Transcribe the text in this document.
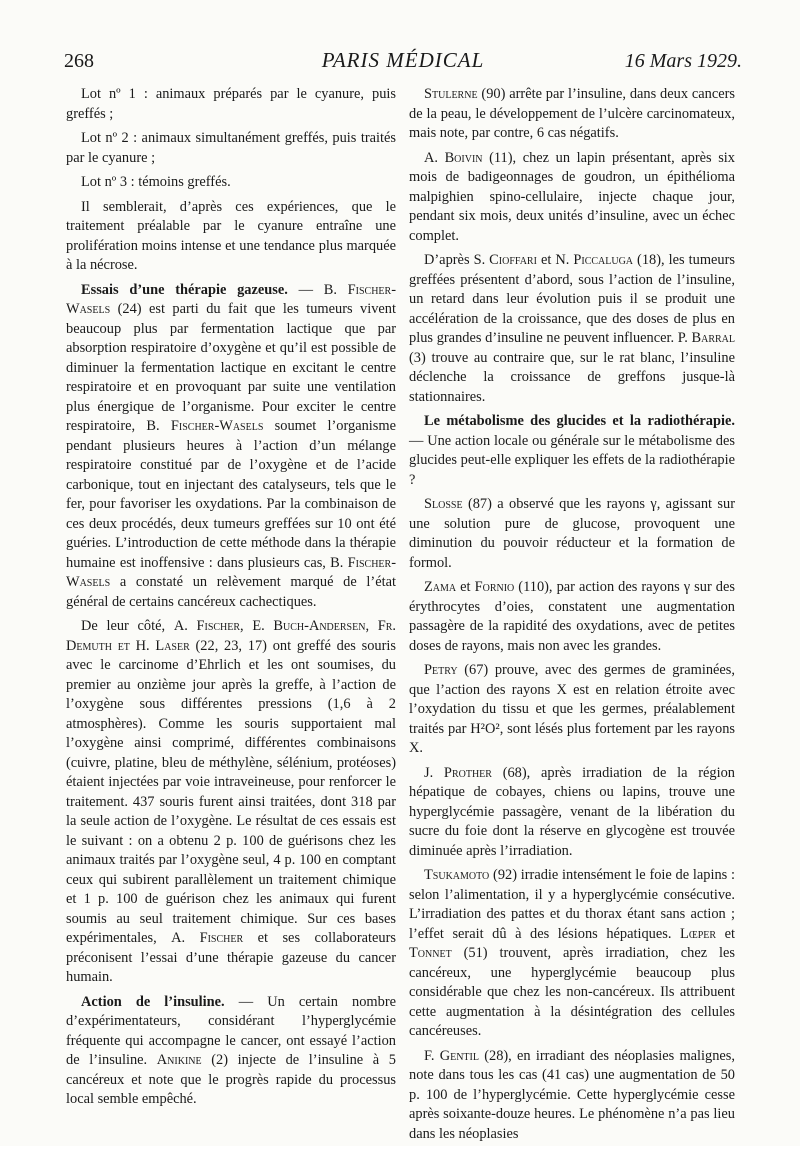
268	PARIS MÉDICAL	16 Mars 1929.

Lot nº 1 : animaux préparés par le cyanure, puis greffés ;

Lot nº 2 : animaux simultanément greffés, puis traités par le cyanure ;

Lot nº 3 : témoins greffés.

Il semblerait, d’après ces expériences, que le traitement préalable par le cyanure entraîne une prolifération moins intense et une tendance plus marquée à la nécrose.

Essais d’une thérapie gazeuse. — B. Fischer-Wasels (24) est parti du fait que les tumeurs vivent beaucoup plus par fermentation lactique que par absorption respiratoire d’oxygène et qu’il est possible de diminuer la fermentation lactique en excitant le centre respiratoire et en provoquant par suite une ventilation plus énergique de l’organisme. Pour exciter le centre respiratoire, B. Fischer-Wasels soumet l’organisme pendant plusieurs heures à l’action d’un mélange respiratoire constitué par de l’oxygène et de l’acide carbonique, tout en injectant des catalyseurs, tels que le fer, pour favoriser les oxydations. Par la combinaison de ces deux procédés, deux tumeurs greffées sur 10 ont été guéries. L’introduction de cette méthode dans la thérapie humaine est inoffensive : dans plusieurs cas, B. Fischer-Wasels a constaté un relèvement marqué de l’état général de certains cancéreux cachectiques.

De leur côté, A. Fischer, E. Buch-Andersen, Fr. Demuth et H. Laser (22, 23, 17) ont greffé des souris avec le carcinome d’Ehrlich et les ont soumises, du premier au onzième jour après la greffe, à l’action de l’oxygène sous différentes pressions (1,6 à 2 atmosphères). Comme les souris supportaient mal l’oxygène ainsi comprimé, différentes combinaisons (cuivre, platine, bleu de méthylène, sélénium, protéoses) étaient injectées par voie intraveineuse, pour renforcer le traitement. 437 souris furent ainsi traitées, dont 318 par la seule action de l’oxygène. Le résultat de ces essais est le suivant : on a obtenu 2 p. 100 de guérisons chez les animaux traités par l’oxygène seul, 4 p. 100 en comptant ceux qui subirent parallèlement un traitement chimique et 1 p. 100 de guérison chez les animaux qui furent soumis au seul traitement chimique. Sur ces bases expérimentales, A. Fischer et ses collaborateurs préconisent l’essai d’une thérapie gazeuse du cancer humain.

Action de l’insuline. — Un certain nombre d’expérimentateurs, considérant l’hyperglycémie fréquente qui accompagne le cancer, ont essayé l’action de l’insuline. Anikine (2) injecte de l’insuline à 5 cancéreux et note que le progrès rapide du processus local semble empêché.

Stulerne (90) arrête par l’insuline, dans deux cancers de la peau, le développement de l’ulcère carcinomateux, mais note, par contre, 6 cas négatifs.

A. Boivin (11), chez un lapin présentant, après six mois de badigeonnages de goudron, un épithélioma malpighien spino-cellulaire, injecte chaque jour, pendant six mois, deux unités d’insuline, avec un échec complet.

D’après S. Cioffari et N. Piccaluga (18), les tumeurs greffées présentent d’abord, sous l’action de l’insuline, un retard dans leur évolution puis il se produit une accélération de la croissance, que des doses de plus en plus grandes d’insuline ne peuvent influencer. P. Barral (3) trouve au contraire que, sur le rat blanc, l’insuline déclenche la croissance de greffons jusque-là stationnaires.

Le métabolisme des glucides et la radiothérapie. — Une action locale ou générale sur le métabolisme des glucides peut-elle expliquer les effets de la radiothérapie ?

Slosse (87) a observé que les rayons γ, agissant sur une solution pure de glucose, provoquent une diminution du pouvoir réducteur et la formation de formol.

Zama et Fornio (110), par action des rayons γ sur des érythrocytes d’oies, constatent une augmentation passagère de la rapidité des oxydations, avec de petites doses de rayons, mais non avec les grandes.

Petry (67) prouve, avec des germes de graminées, que l’action des rayons X est en relation étroite avec l’oxydation du tissu et que les germes, préalablement traités par H²O², sont lésés plus fortement par les rayons X.

J. Prother (68), après irradiation de la région hépatique de cobayes, chiens ou lapins, trouve une hyperglycémie passagère, venant de la libération du sucre du foie dont la réserve en glycogène est trouvée diminuée après l’irradiation.

Tsukamoto (92) irradie intensément le foie de lapins : selon l’alimentation, il y a hyperglycémie consécutive. L’irradiation des pattes et du thorax étant sans action ; l’effet serait dû à des lésions hépatiques. Lœper et Tonnet (51) trouvent, après irradiation, chez les cancéreux, une hyperglycémie beaucoup plus considérable que chez les non-cancéreux. Ils attribuent cette augmentation à la désintégration des cellules cancéreuses.

F. Gentil (28), en irradiant des néoplasies malignes, note dans tous les cas (41 cas) une augmentation de 50 p. 100 de l’hyperglycémie. Cette hyperglycémie cesse après soixante-douze heures. Le phénomène n’a pas lieu dans les néoplasies
